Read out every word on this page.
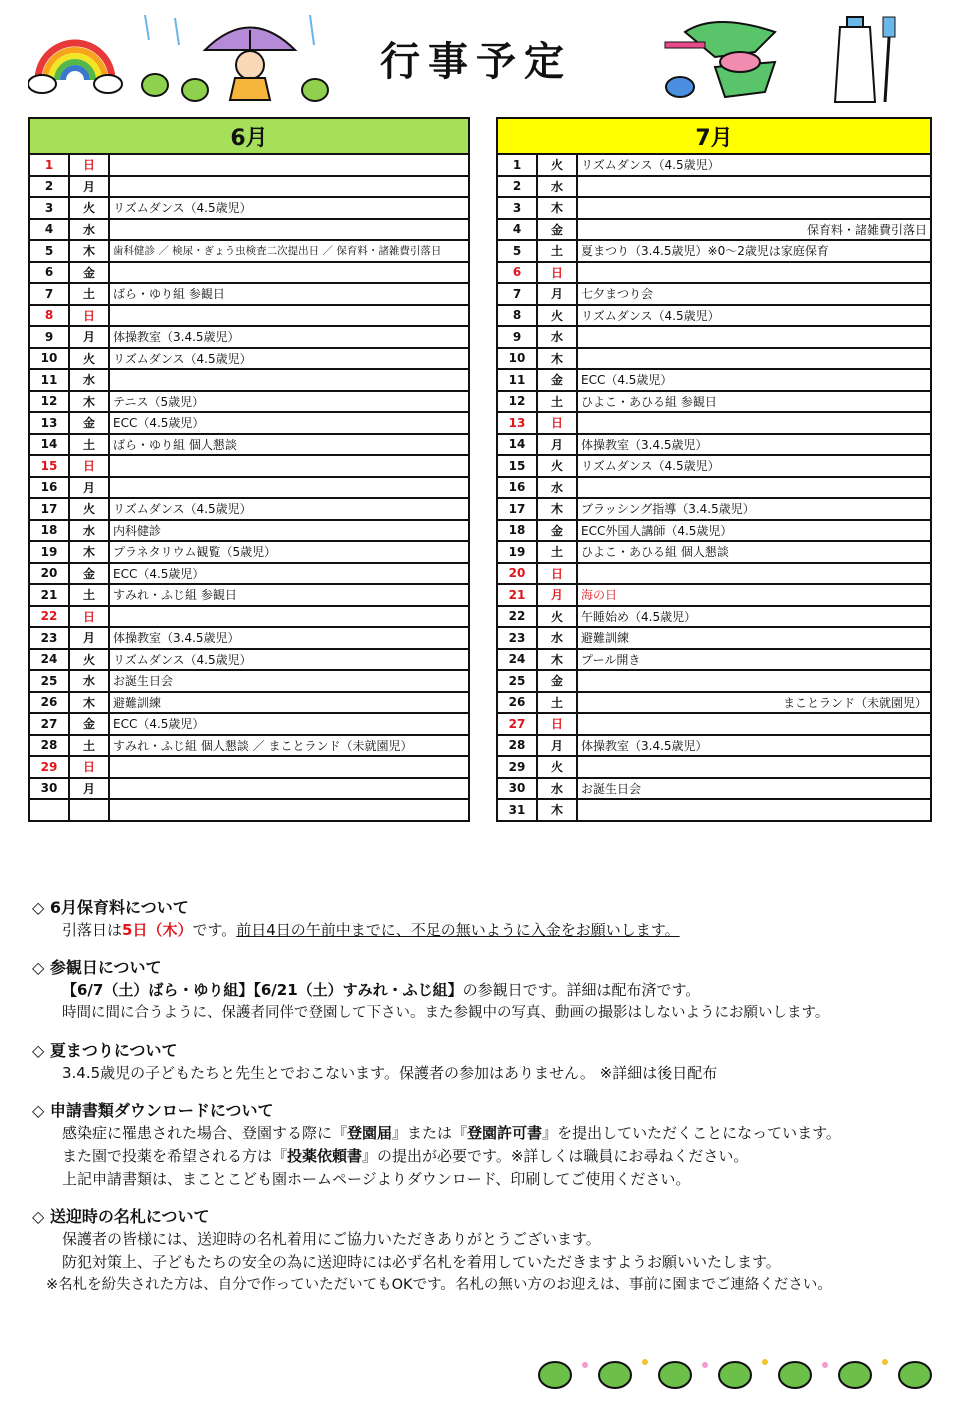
行事予定
6月		
1	日	
2	月	
3	火	リズムダンス（4.5歳児）
4	水	
5	木	歯科健診 ／ 検尿・ぎょう虫検査二次提出日 ／ 保育料・諸雑費引落日
6	金	
7	土	ばら・ゆり組 参観日
8	日	
9	月	体操教室（3.4.5歳児）
10	火	リズムダンス（4.5歳児）
11	水	
12	木	テニス（5歳児）
13	金	ECC（4.5歳児）
14	土	ばら・ゆり組 個人懇談
15	日	
16	月	
17	火	リズムダンス（4.5歳児）
18	水	内科健診
19	木	プラネタリウム観覧（5歳児）
20	金	ECC（4.5歳児）
21	土	すみれ・ふじ組 参観日
22	日	
23	月	体操教室（3.4.5歳児）
24	火	リズムダンス（4.5歳児）
25	水	お誕生日会
26	木	避難訓練
27	金	ECC（4.5歳児）
28	土	すみれ・ふじ組 個人懇談 ／ まことランド（未就園児）
29	日	
30	月	

7月		
1	火	リズムダンス（4.5歳児）
2	水	
3	木	
4	金	保育料・諸雑費引落日
5	土	夏まつり（3.4.5歳児）※0〜2歳児は家庭保育
6	日	
7	月	七夕まつり会
8	火	リズムダンス（4.5歳児）
9	水	
10	木	
11	金	ECC（4.5歳児）
12	土	ひよこ・あひる組 参観日
13	日	
14	月	体操教室（3.4.5歳児）
15	火	リズムダンス（4.5歳児）
16	水	
17	木	ブラッシング指導（3.4.5歳児）
18	金	ECC外国人講師（4.5歳児）
19	土	ひよこ・あひる組 個人懇談
20	日	
21	月	海の日
22	火	午睡始め（4.5歳児）
23	水	避難訓練
24	木	プール開き
25	金	
26	土	まことランド（未就園児）
27	日	
28	月	体操教室（3.4.5歳児）
29	火	
30	水	お誕生日会
31	木	
◇ 6月保育料について
引落日は5日（木）です。前日4日の午前中までに、不足の無いように入金をお願いします。
◇ 参観日について
【6/7（土）ばら・ゆり組】【6/21（土）すみれ・ふじ組】の参観日です。詳細は配布済です。
時間に間に合うように、保護者同伴で登園して下さい。また参観中の写真、動画の撮影はしないようにお願いします。
◇ 夏まつりについて
3.4.5歳児の子どもたちと先生とでおこないます。保護者の参加はありません。 ※詳細は後日配布
◇ 申請書類ダウンロードについて
感染症に罹患された場合、登園する際に『登園届』または『登園許可書』を提出していただくことになっています。
また園で投薬を希望される方は『投薬依頼書』の提出が必要です。※詳しくは職員にお尋ねください。
上記申請書類は、まことこども園ホームページよりダウンロード、印刷してご使用ください。
◇ 送迎時の名札について
保護者の皆様には、送迎時の名札着用にご協力いただきありがとうございます。
防犯対策上、子どもたちの安全の為に送迎時には必ず名札を着用していただきますようお願いいたします。
※名札を紛失された方は、自分で作っていただいてもOKです。名札の無い方のお迎えは、事前に園までご連絡ください。
